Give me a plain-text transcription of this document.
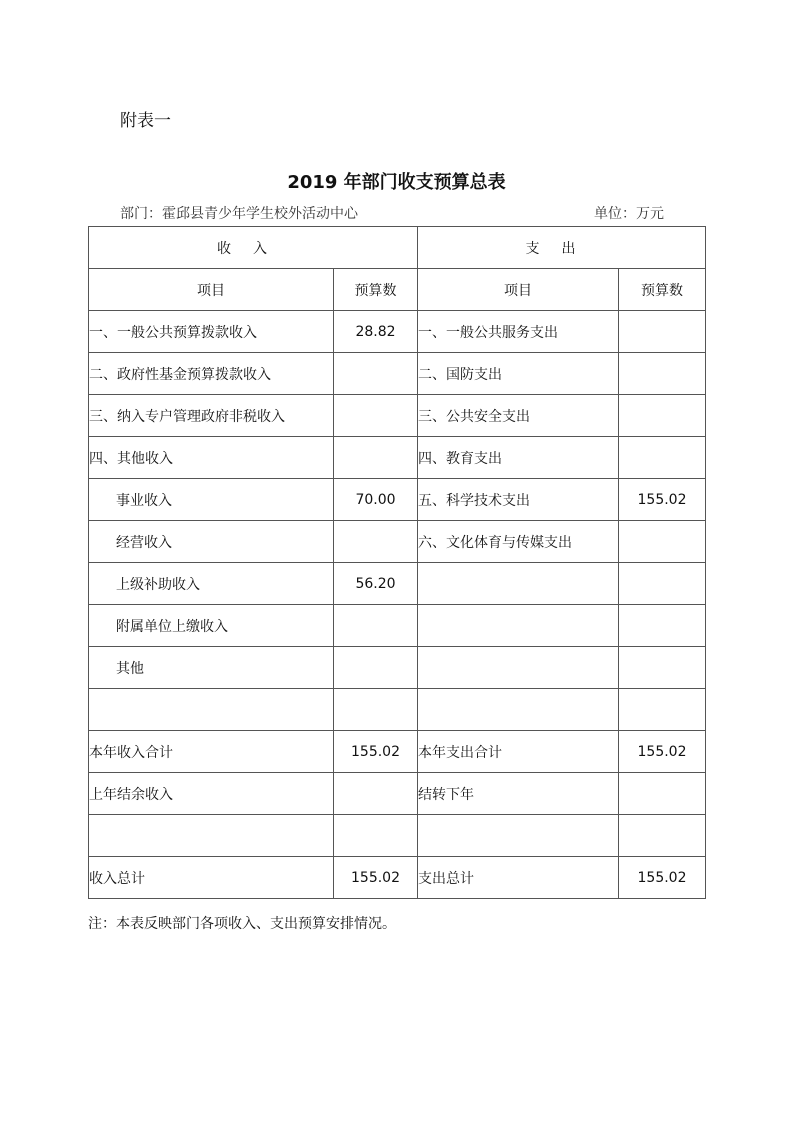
附表一
2019 年部门收支预算总表
部门：霍邱县青少年学生校外活动中心	单位：万元
收入		支出	
项目	预算数	项目	预算数
一、一般公共预算拨款收入	28.82	一、一般公共服务支出	
二、政府性基金预算拨款收入		二、国防支出	
三、纳入专户管理政府非税收入		三、公共安全支出	
四、其他收入		四、教育支出	
事业收入	70.00	五、科学技术支出	155.02
经营收入		六、文化体育与传媒支出	
上级补助收入	56.20		
附属单位上缴收入			
其他			

本年收入合计	155.02	本年支出合计	155.02
上年结余收入		结转下年	

收入总计	155.02	支出总计	155.02
注：本表反映部门各项收入、支出预算安排情况。
